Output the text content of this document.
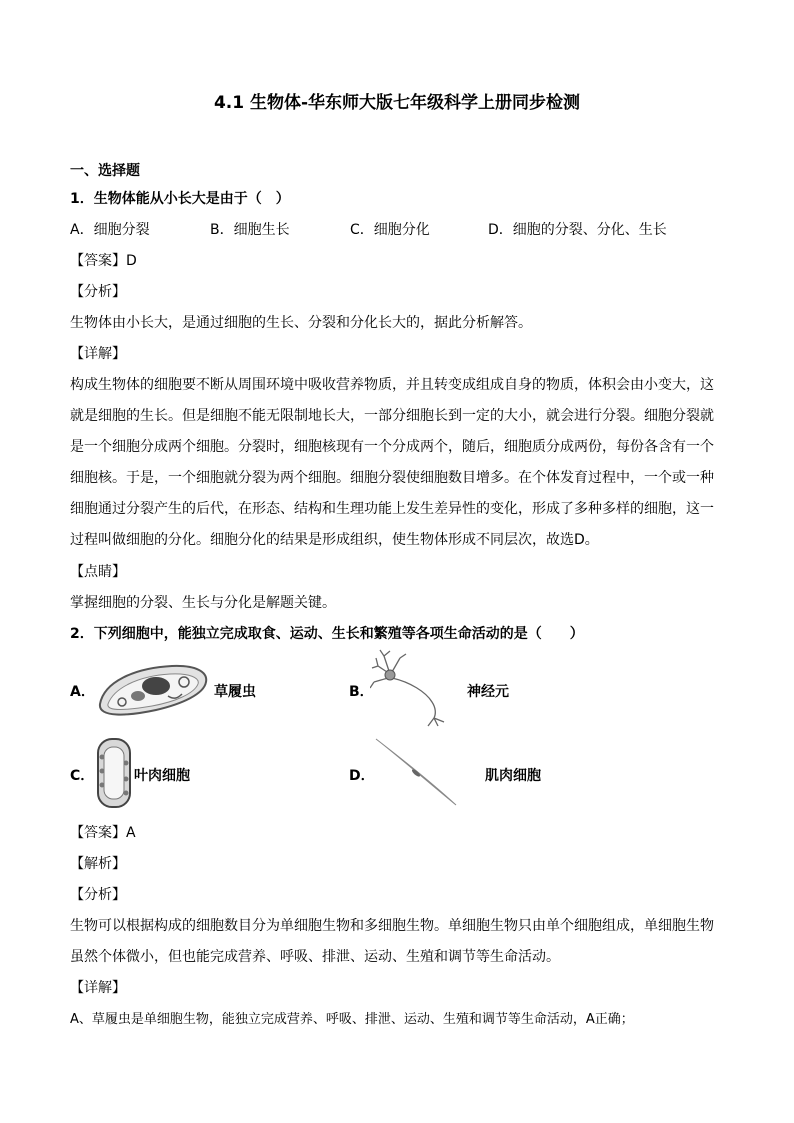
4.1 生物体-华东师大版七年级科学上册同步检测
一、选择题
1．生物体能从小长大是由于（　）
A．细胞分裂	B．细胞生长	C．细胞分化	D．细胞的分裂、分化、生长
【答案】D
【分析】
生物体由小长大，是通过细胞的生长、分裂和分化长大的，据此分析解答。
【详解】
构成生物体的细胞要不断从周围环境中吸收营养物质，并且转变成组成自身的物质，体积会由小变大，这
就是细胞的生长。但是细胞不能无限制地长大，一部分细胞长到一定的大小，就会进行分裂。细胞分裂就
是一个细胞分成两个细胞。分裂时，细胞核现有一个分成两个，随后，细胞质分成两份，每份各含有一个
细胞核。于是，一个细胞就分裂为两个细胞。细胞分裂使细胞数目增多。在个体发育过程中，一个或一种
细胞通过分裂产生的后代，在形态、结构和生理功能上发生差异性的变化，形成了多种多样的细胞，这一
过程叫做细胞的分化。细胞分化的结果是形成组织，使生物体形成不同层次，故选D。
【点睛】
掌握细胞的分裂、生长与分化是解题关键。
2．下列细胞中，能独立完成取食、运动、生长和繁殖等各项生命活动的是（　　）
A．	草履虫	B．	神经元
C．	叶肉细胞	D．	肌肉细胞
【答案】A
【解析】
【分析】
生物可以根据构成的细胞数目分为单细胞生物和多细胞生物。单细胞生物只由单个细胞组成，单细胞生物
虽然个体微小，但也能完成营养、呼吸、排泄、运动、生殖和调节等生命活动。
【详解】
A、草履虫是单细胞生物，能独立完成营养、呼吸、排泄、运动、生殖和调节等生命活动，A正确；
